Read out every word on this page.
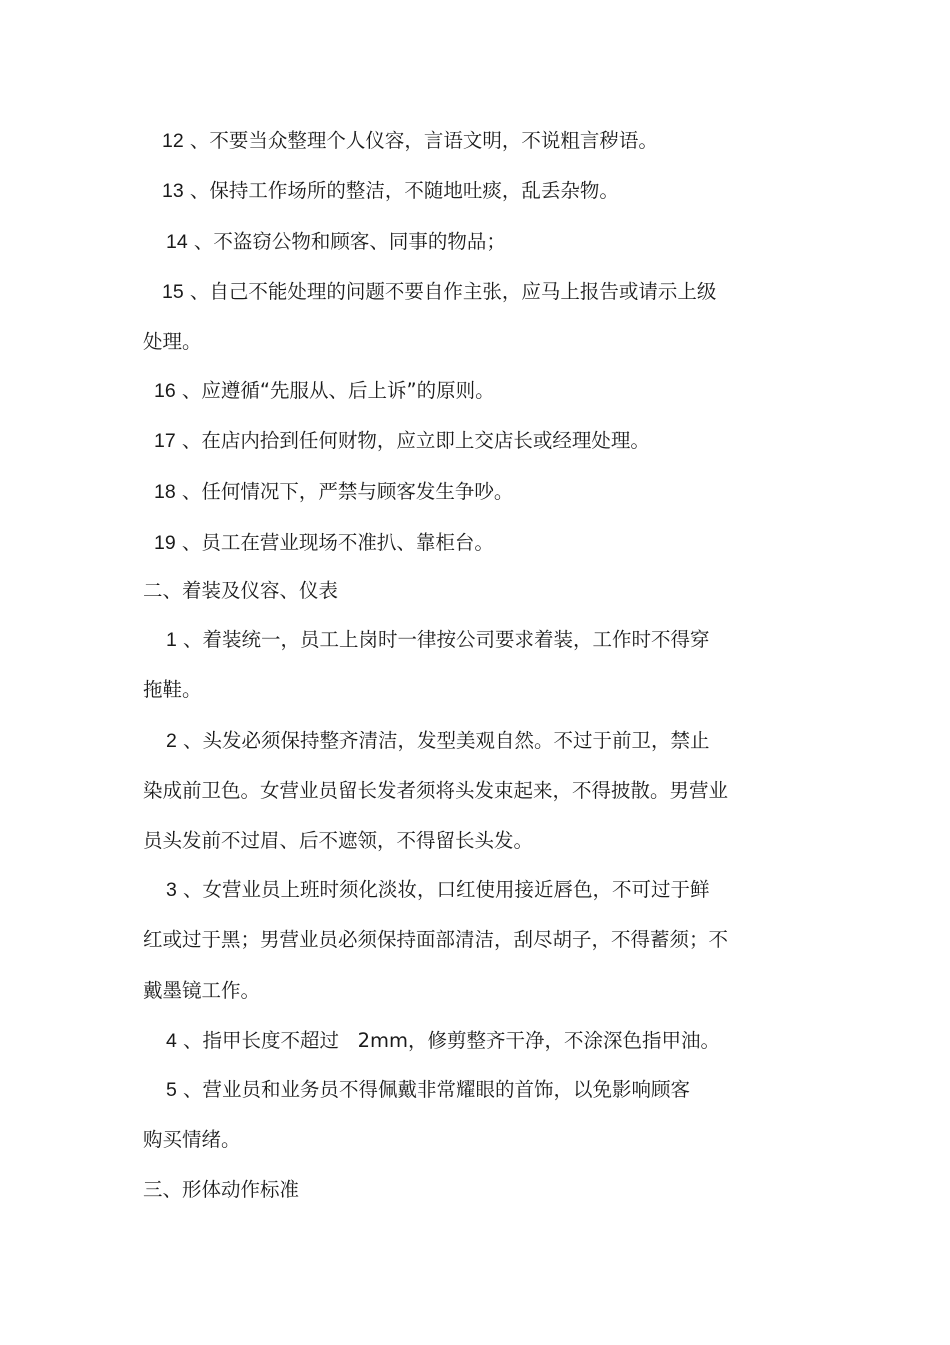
12 、不要当众整理个人仪容，言语文明，不说粗言秽语。
13 、保持工作场所的整洁，不随地吐痰，乱丢杂物。
14 、不盗窃公物和顾客、同事的物品；
15 、自己不能处理的问题不要自作主张，应马上报告或请示上级
处理。
16 、应遵循“先服从、后上诉”的原则。
17 、在店内拾到任何财物，应立即上交店长或经理处理。
18 、任何情况下，严禁与顾客发生争吵。
19 、员工在营业现场不准扒、靠柜台。
二、着装及仪容、仪表
1 、着装统一，员工上岗时一律按公司要求着装，工作时不得穿
拖鞋。
2 、头发必须保持整齐清洁，发型美观自然。不过于前卫，禁止
染成前卫色。女营业员留长发者须将头发束起来，不得披散。男营业
员头发前不过眉、后不遮领，不得留长头发。
3 、女营业员上班时须化淡妆，口红使用接近唇色，不可过于鲜
红或过于黑；男营业员必须保持面部清洁，刮尽胡子，不得蓄须；不
戴墨镜工作。
4 、指甲长度不超过   2mm，修剪整齐干净，不涂深色指甲油。
5 、营业员和业务员不得佩戴非常耀眼的首饰，以免影响顾客
购买情绪。
三、形体动作标准
